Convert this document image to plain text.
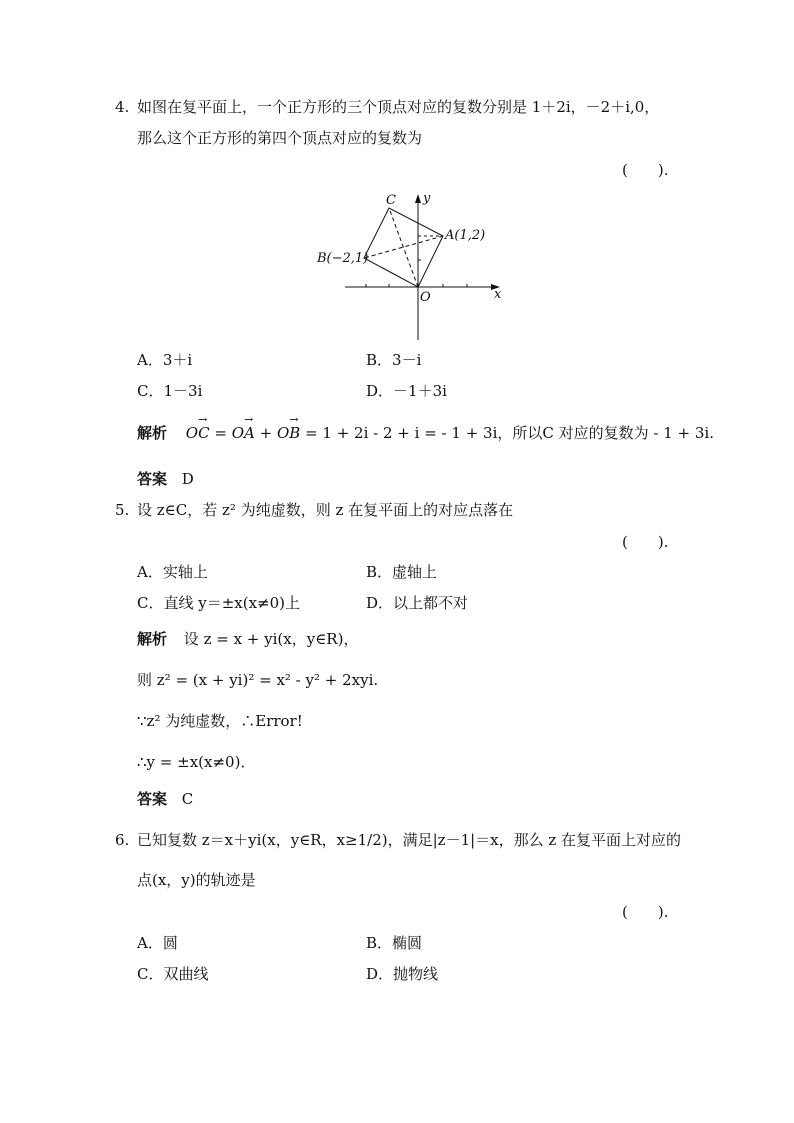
4. 如图在复平面上，一个正方形的三个顶点对应的复数分别是 1＋2i，－2＋i,0，
那么这个正方形的第四个顶点对应的复数为
(　　).
C y
A(1,2)
B(−2,1)
O	x
A．3＋i	B．3－i
C．1－3i	D．－1＋3i
解析 O→ C = O→ A + O→ B = 1 + 2i - 2 + i = - 1 + 3i，所以C 对应的复数为 - 1 + 3i.
答案 D
5. 设 z∈C，若 z² 为纯虚数，则 z 在复平面上的对应点落在
(　　).
A．实轴上	B．虚轴上
C．直线 y＝±x(x≠0)上	D．以上都不对
解析 设 z = x + yi(x，y∈R)，
则 z² = (x + yi)² = x² - y² + 2xyi.
∵z² 为纯虚数，∴Error!
∴y = ±x(x≠0)．
答案 C
6. 已知复数 z＝x＋yi(x，y∈R，x≥1/2)，满足|z－1|＝x，那么 z 在复平面上对应的
点(x，y)的轨迹是
(　　).
A．圆	B．椭圆
C．双曲线	D．抛物线
